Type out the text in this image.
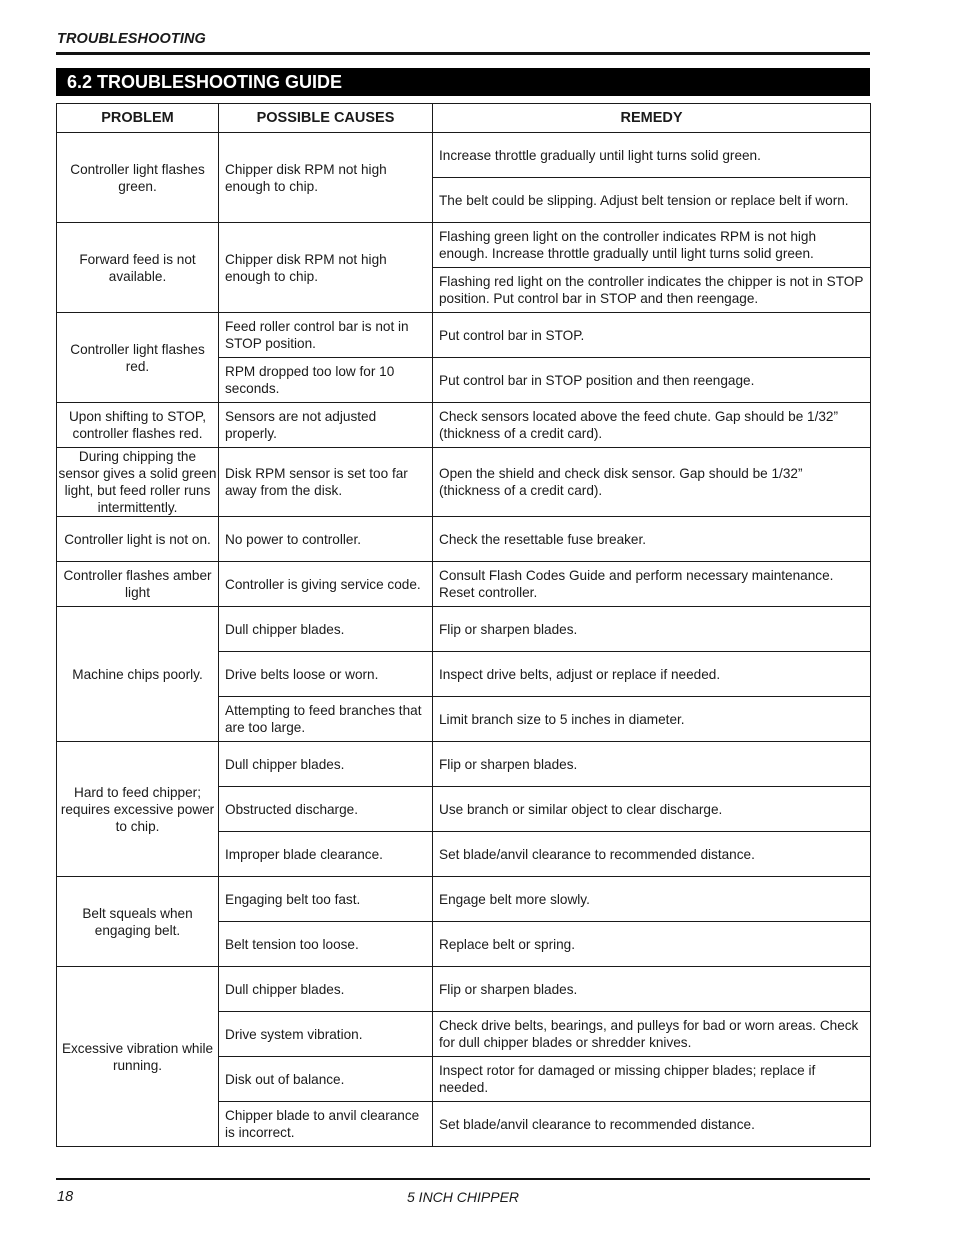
TROUBLESHOOTING
6.2 TROUBLESHOOTING GUIDE
PROBLEM	POSSIBLE CAUSES	REMEDY
Controller light flashes green.	Chipper disk RPM not high enough to chip.	Increase throttle gradually until light turns solid green.
		The belt could be slipping. Adjust belt tension or replace belt if worn.
Forward feed is not available.	Chipper disk RPM not high enough to chip.	Flashing green light on the controller indicates RPM is not high enough. Increase throttle gradually until light turns solid green.
		Flashing red light on the controller indicates the chipper is not in STOP position. Put control bar in STOP and then reengage.
Controller light flashes red.	Feed roller control bar is not in STOP position.	Put control bar in STOP.
	RPM dropped too low for 10 seconds.	Put control bar in STOP position and then reengage.
Upon shifting to STOP, controller flashes red.	Sensors are not adjusted properly.	Check sensors located above the feed chute. Gap should be 1/32” (thickness of a credit card).
During chipping the sensor gives a solid green light, but feed roller runs intermittently.	Disk RPM sensor is set too far away from the disk.	Open the shield and check disk sensor. Gap should be 1/32” (thickness of a credit card).
Controller light is not on.	No power to controller.	Check the resettable fuse breaker.
Controller flashes amber light	Controller is giving service code.	Consult Flash Codes Guide and perform necessary maintenance. Reset controller.
Machine chips poorly.	Dull chipper blades.	Flip or sharpen blades.
	Drive belts loose or worn.	Inspect drive belts, adjust or replace if needed.
	Attempting to feed branches that are too large.	Limit branch size to 5 inches in diameter.
Hard to feed chipper; requires excessive power to chip.	Dull chipper blades.	Flip or sharpen blades.
	Obstructed discharge.	Use branch or similar object to clear discharge.
	Improper blade clearance.	Set blade/anvil clearance to recommended distance.
Belt squeals when engaging belt.	Engaging belt too fast.	Engage belt more slowly.
	Belt tension too loose.	Replace belt or spring.
Excessive vibration while running.	Dull chipper blades.	Flip or sharpen blades.
	Drive system vibration.	Check drive belts, bearings, and pulleys for bad or worn areas. Check for dull chipper blades or shredder knives.
	Disk out of balance.	Inspect rotor for damaged or missing chipper blades; replace if needed.
	Chipper blade to anvil clearance is incorrect.	Set blade/anvil clearance to recommended distance.
18	5 INCH CHIPPER
